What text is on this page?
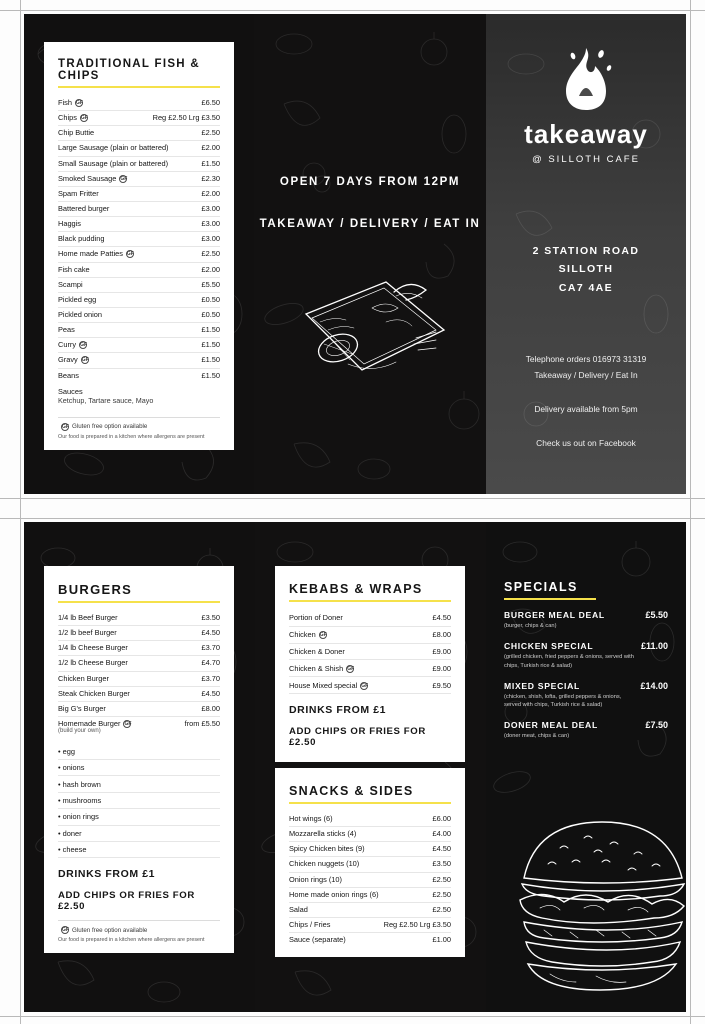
TRADITIONAL FISH & CHIPS
Fish GF	£6.50
Chips GF	Reg £2.50 Lrg £3.50
Chip Buttie	£2.50
Large Sausage (plain or battered)	£2.00
Small Sausage (plain or battered)	£1.50
Smoked Sausage GF	£2.30
Spam Fritter	£2.00
Battered burger	£3.00
Haggis	£3.00
Black pudding	£3.00
Home made Patties GF	£2.50
Fish cake	£2.00
Scampi	£5.50
Pickled egg	£0.50
Pickled onion	£0.50
Peas	£1.50
Curry GF	£1.50
Gravy GF	£1.50
Beans	£1.50
Sauces
Ketchup, Tartare sauce, Mayo
GF Gluten free option available
Our food is prepared in a kitchen where allergens are present
OPEN 7 DAYS FROM 12PM
TAKEAWAY / DELIVERY / EAT IN
takeaway
@ SILLOTH CAFE
2 STATION ROAD
SILLOTH
CA7 4AE
Telephone orders 016973 31319
Takeaway / Delivery / Eat In
Delivery available from 5pm
Check us out on Facebook
BURGERS
1/4 lb Beef Burger	£3.50
1/2 lb beef Burger	£4.50
1/4 lb Cheese Burger	£3.70
1/2 lb Cheese Burger	£4.70
Chicken Burger	£3.70
Steak Chicken Burger	£4.50
Big G's Burger	£8.00
Homemade Burger GF
(build your own)
from £5.50
• egg
• onions
• hash brown
• mushrooms
• onion rings
• doner
• cheese
DRINKS FROM £1
ADD CHIPS OR FRIES FOR £2.50
GF Gluten free option available
Our food is prepared in a kitchen where allergens are present
KEBABS & WRAPS
Portion of Doner	£4.50
Chicken GF	£8.00
Chicken & Doner	£9.00
Chicken & Shish GF	£9.00
House Mixed special GF	£9.50
DRINKS FROM £1
ADD CHIPS OR FRIES FOR £2.50
SNACKS & SIDES
Hot wings (6)	£6.00
Mozzarella sticks (4)	£4.00
Spicy Chicken bites (9)	£4.50
Chicken nuggets (10)	£3.50
Onion rings (10)	£2.50
Home made onion rings (6)	£2.50
Salad	£2.50
Chips / Fries	Reg £2.50 Lrg £3.50
Sauce (separate)	£1.00
SPECIALS
BURGER MEAL DEAL	£5.50
(burger, chips & can)
CHICKEN SPECIAL	£11.00
(grilled chicken, fried peppers & onions, served with chips, Turkish rice & salad)
MIXED SPECIAL	£14.00
(chicken, shish, lofta, grilled peppers & onions, served with chips, Turkish rice & salad)
DONER MEAL DEAL	£7.50
(doner meat, chips & can)
